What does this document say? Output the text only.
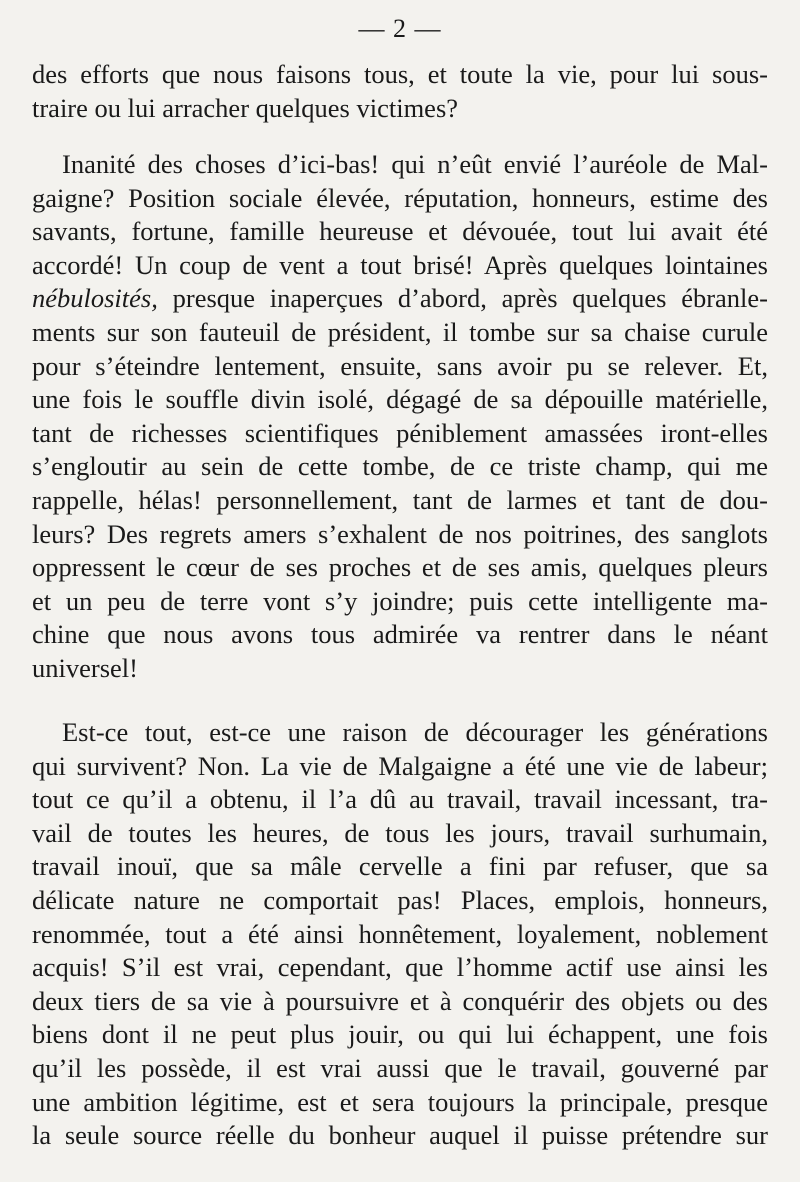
— 2 —
des efforts que nous faisons tous, et toute la vie, pour lui sous-
traire ou lui arracher quelques victimes?
Inanité des choses d’ici-bas! qui n’eût envié l’auréole de Mal-
gaigne? Position sociale élevée, réputation, honneurs, estime des
savants, fortune, famille heureuse et dévouée, tout lui avait été
accordé! Un coup de vent a tout brisé! Après quelques lointaines
nébulosités, presque inaperçues d’abord, après quelques ébranle-
ments sur son fauteuil de président, il tombe sur sa chaise curule
pour s’éteindre lentement, ensuite, sans avoir pu se relever. Et,
une fois le souffle divin isolé, dégagé de sa dépouille matérielle,
tant de richesses scientifiques péniblement amassées iront-elles
s’engloutir au sein de cette tombe, de ce triste champ, qui me
rappelle, hélas! personnellement, tant de larmes et tant de dou-
leurs? Des regrets amers s’exhalent de nos poitrines, des sanglots
oppressent le cœur de ses proches et de ses amis, quelques pleurs
et un peu de terre vont s’y joindre; puis cette intelligente ma-
chine que nous avons tous admirée va rentrer dans le néant
universel!
Est-ce tout, est-ce une raison de décourager les générations
qui survivent? Non. La vie de Malgaigne a été une vie de labeur;
tout ce qu’il a obtenu, il l’a dû au travail, travail incessant, tra-
vail de toutes les heures, de tous les jours, travail surhumain,
travail inouï, que sa mâle cervelle a fini par refuser, que sa
délicate nature ne comportait pas! Places, emplois, honneurs,
renommée, tout a été ainsi honnêtement, loyalement, noblement
acquis! S’il est vrai, cependant, que l’homme actif use ainsi les
deux tiers de sa vie à poursuivre et à conquérir des objets ou des
biens dont il ne peut plus jouir, ou qui lui échappent, une fois
qu’il les possède, il est vrai aussi que le travail, gouverné par
une ambition légitime, est et sera toujours la principale, presque
la seule source réelle du bonheur auquel il puisse prétendre sur
